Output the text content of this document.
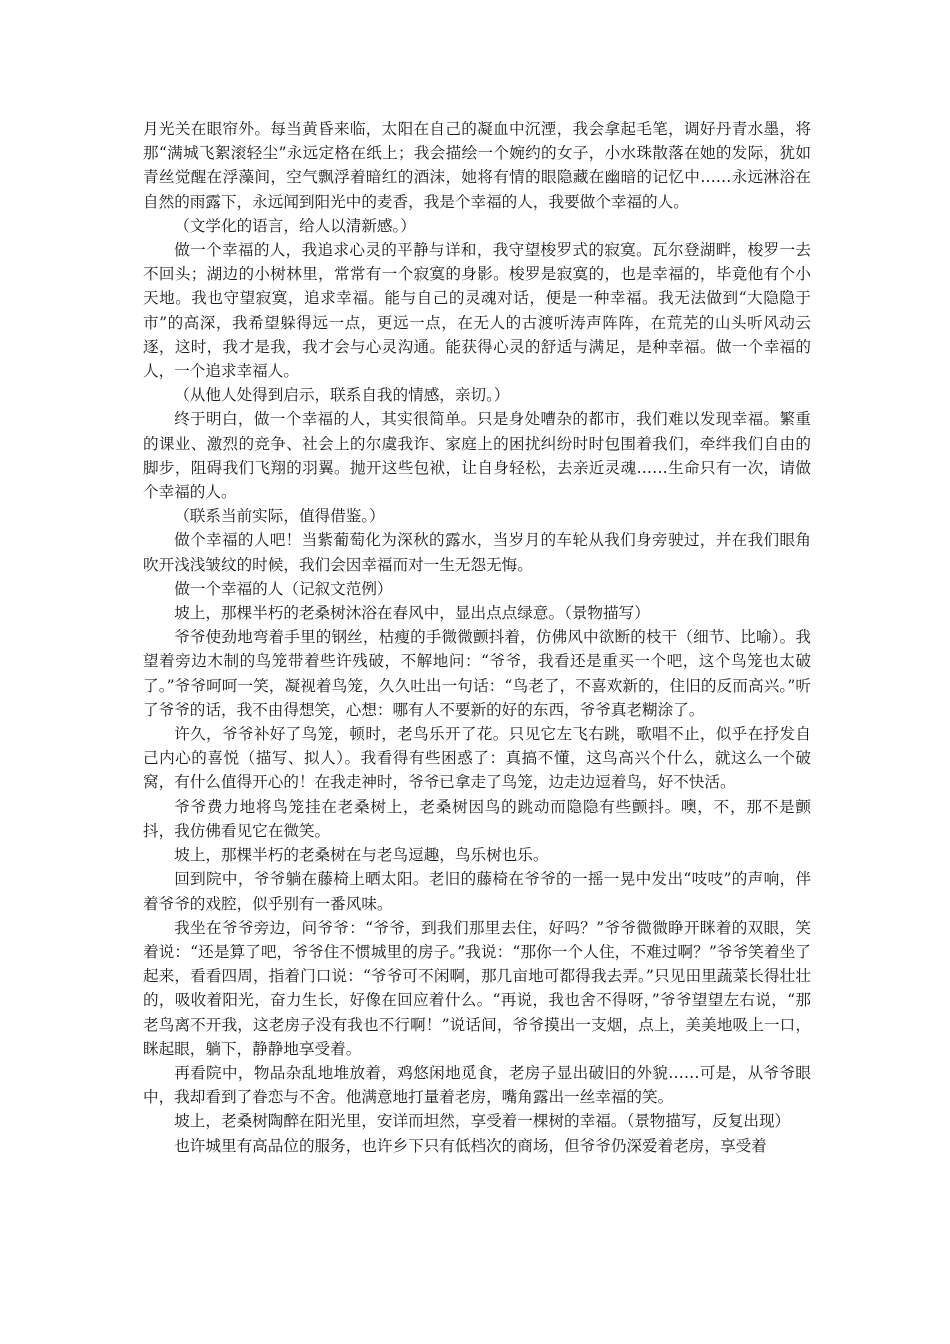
月光关在眼帘外。每当黄昏来临，太阳在自己的凝血中沉湮，我会拿起毛笔，调好丹青水墨，将那“满城飞絮滚轻尘”永远定格在纸上；我会描绘一个婉约的女子，小水珠散落在她的发际，犹如青丝觉醒在浮藻间，空气飘浮着暗红的酒沫，她将有情的眼隐藏在幽暗的记忆中……永远淋浴在自然的雨露下，永远闻到阳光中的麦香，我是个幸福的人，我要做个幸福的人。

（文学化的语言，给人以清新感。）

做一个幸福的人，我追求心灵的平静与详和，我守望梭罗式的寂寞。瓦尔登湖畔，梭罗一去不回头；湖边的小树林里，常常有一个寂寞的身影。梭罗是寂寞的，也是幸福的，毕竟他有个小天地。我也守望寂寞，追求幸福。能与自己的灵魂对话，便是一种幸福。我无法做到“大隐隐于市”的高深，我希望躲得远一点，更远一点，在无人的古渡听涛声阵阵，在荒芜的山头听风动云逐，这时，我才是我，我才会与心灵沟通。能获得心灵的舒适与满足，是种幸福。做一个幸福的人，一个追求幸福人。

（从他人处得到启示，联系自我的情感，亲切。）

终于明白，做一个幸福的人，其实很简单。只是身处嘈杂的都市，我们难以发现幸福。繁重的课业、激烈的竞争、社会上的尔虞我诈、家庭上的困扰纠纷时时包围着我们，牵绊我们自由的脚步，阻碍我们飞翔的羽翼。抛开这些包袱，让自身轻松，去亲近灵魂……生命只有一次，请做个幸福的人。

（联系当前实际，值得借鉴。）

做个幸福的人吧！当紫葡萄化为深秋的露水，当岁月的车轮从我们身旁驶过，并在我们眼角吹开浅浅皱纹的时候，我们会因幸福而对一生无怨无悔。

做一个幸福的人（记叙文范例）

坡上，那棵半朽的老桑树沐浴在春风中，显出点点绿意。（景物描写）

爷爷使劲地弯着手里的钢丝，枯瘦的手微微颤抖着，仿佛风中欲断的枝干（细节、比喻）。我望着旁边木制的鸟笼带着些许残破，不解地问：“爷爷，我看还是重买一个吧，这个鸟笼也太破了。”爷爷呵呵一笑，凝视着鸟笼，久久吐出一句话：“鸟老了，不喜欢新的，住旧的反而高兴。”听了爷爷的话，我不由得想笑，心想：哪有人不要新的好的东西，爷爷真老糊涂了。

许久，爷爷补好了鸟笼，顿时，老鸟乐开了花。只见它左飞右跳，歌唱不止，似乎在抒发自己内心的喜悦（描写、拟人）。我看得有些困惑了：真搞不懂，这鸟高兴个什么，就这么一个破窝，有什么值得开心的！在我走神时，爷爷已拿走了鸟笼，边走边逗着鸟，好不快活。

爷爷费力地将鸟笼挂在老桑树上，老桑树因鸟的跳动而隐隐有些颤抖。噢，不，那不是颤抖，我仿佛看见它在微笑。

坡上，那棵半朽的老桑树在与老鸟逗趣，鸟乐树也乐。

回到院中，爷爷躺在藤椅上晒太阳。老旧的藤椅在爷爷的一摇一晃中发出“吱吱”的声响，伴着爷爷的戏腔，似乎别有一番风味。

我坐在爷爷旁边，问爷爷：“爷爷，到我们那里去住，好吗？”爷爷微微睁开眯着的双眼，笑着说：“还是算了吧，爷爷住不惯城里的房子。”我说：“那你一个人住，不难过啊？”爷爷笑着坐了起来，看看四周，指着门口说：“爷爷可不闲啊，那几亩地可都得我去弄。”只见田里蔬菜长得壮壮的，吸收着阳光，奋力生长，好像在回应着什么。“再说，我也舍不得呀，”爷爷望望左右说，“那老鸟离不开我，这老房子没有我也不行啊！”说话间，爷爷摸出一支烟，点上，美美地吸上一口，眯起眼，躺下，静静地享受着。

再看院中，物品杂乱地堆放着，鸡悠闲地觅食，老房子显出破旧的外貌……可是，从爷爷眼中，我却看到了眷恋与不舍。他满意地打量着老房，嘴角露出一丝幸福的笑。

坡上，老桑树陶醉在阳光里，安详而坦然，享受着一棵树的幸福。（景物描写，反复出现）

也许城里有高品位的服务，也许乡下只有低档次的商场，但爷爷仍深爱着老房，享受着
